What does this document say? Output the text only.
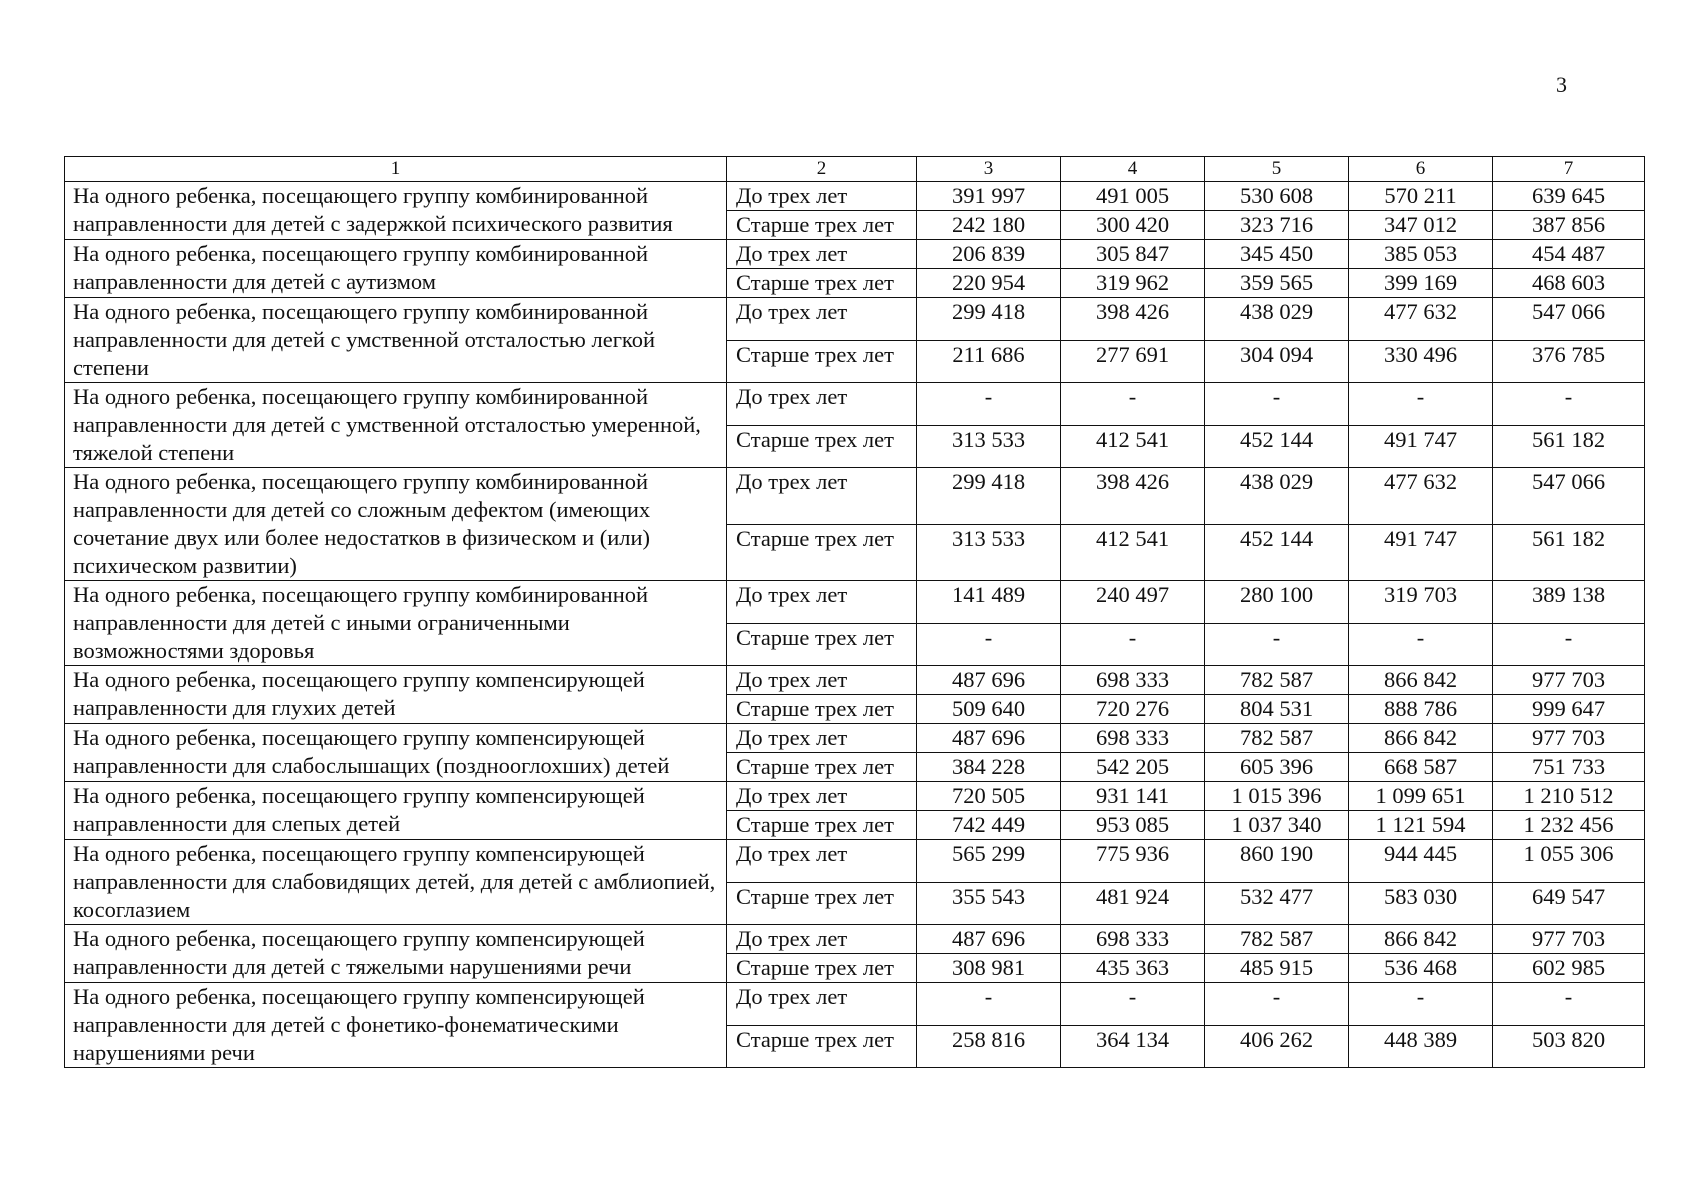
3
1	2	3	4	5	6	7
На одного ребенка, посещающего группу комбинированной направленности для детей с задержкой психического развития	До трех лет	391 997	491 005	530 608	570 211	639 645
	Старше трех лет	242 180	300 420	323 716	347 012	387 856
На одного ребенка, посещающего группу комбинированной направленности для детей с аутизмом	До трех лет	206 839	305 847	345 450	385 053	454 487
	Старше трех лет	220 954	319 962	359 565	399 169	468 603
На одного ребенка, посещающего группу комбинированной направленности для детей с умственной отсталостью легкой степени	До трех лет	299 418	398 426	438 029	477 632	547 066
	Старше трех лет	211 686	277 691	304 094	330 496	376 785
На одного ребенка, посещающего группу комбинированной направленности для детей с умственной отсталостью умеренной, тяжелой степени	До трех лет	-	-	-	-	-
	Старше трех лет	313 533	412 541	452 144	491 747	561 182
На одного ребенка, посещающего группу комбинированной направленности для детей со сложным дефектом (имеющих сочетание двух или более недостатков в физическом и (или) психическом развитии)	До трех лет	299 418	398 426	438 029	477 632	547 066
	Старше трех лет	313 533	412 541	452 144	491 747	561 182
На одного ребенка, посещающего группу комбинированной направленности для детей с иными ограниченными возможностями здоровья	До трех лет	141 489	240 497	280 100	319 703	389 138
	Старше трех лет	-	-	-	-	-
На одного ребенка, посещающего группу компенсирующей направленности для глухих детей	До трех лет	487 696	698 333	782 587	866 842	977 703
	Старше трех лет	509 640	720 276	804 531	888 786	999 647
На одного ребенка, посещающего группу компенсирующей направленности для слабослышащих (позднооглохших) детей	До трех лет	487 696	698 333	782 587	866 842	977 703
	Старше трех лет	384 228	542 205	605 396	668 587	751 733
На одного ребенка, посещающего группу компенсирующей направленности для слепых детей	До трех лет	720 505	931 141	1 015 396	1 099 651	1 210 512
	Старше трех лет	742 449	953 085	1 037 340	1 121 594	1 232 456
На одного ребенка, посещающего группу компенсирующей направленности для слабовидящих детей, для детей с амблиопией, косоглазием	До трех лет	565 299	775 936	860 190	944 445	1 055 306
	Старше трех лет	355 543	481 924	532 477	583 030	649 547
На одного ребенка, посещающего группу компенсирующей направленности для детей с тяжелыми нарушениями речи	До трех лет	487 696	698 333	782 587	866 842	977 703
	Старше трех лет	308 981	435 363	485 915	536 468	602 985
На одного ребенка, посещающего группу компенсирующей направленности для детей с фонетико-фонематическими нарушениями речи	До трех лет	-	-	-	-	-
	Старше трех лет	258 816	364 134	406 262	448 389	503 820
